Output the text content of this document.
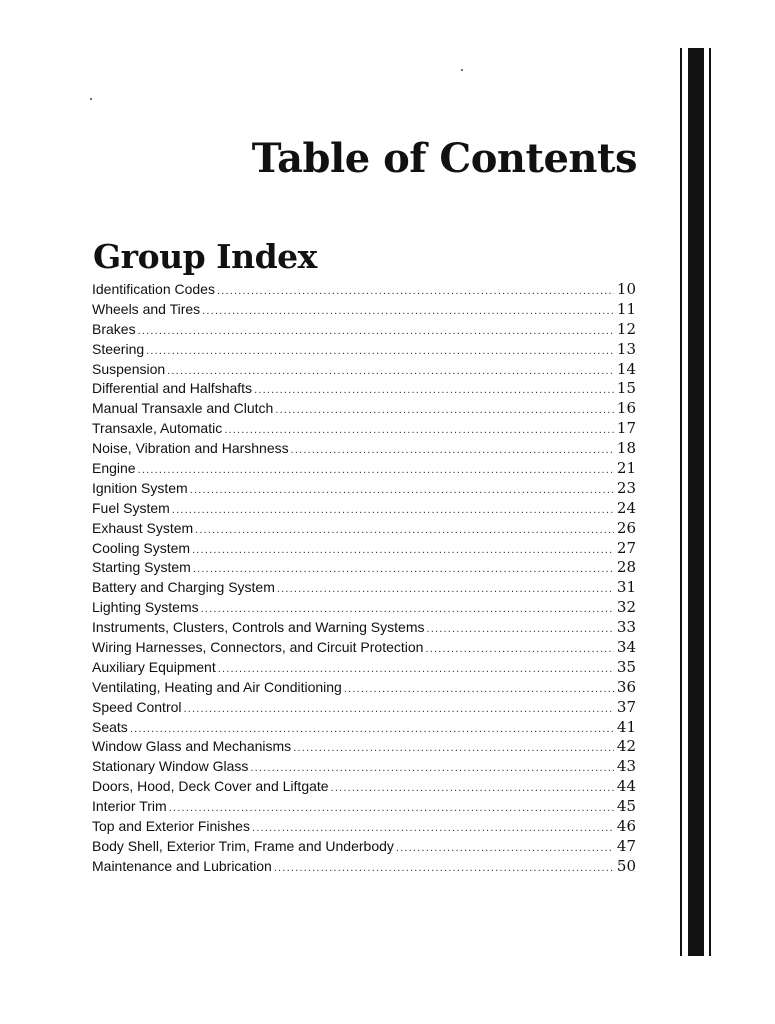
Table of Contents
Group Index
Identification Codes .....	10
Wheels and Tires .....	11
Brakes .....	12
Steering .....	13
Suspension .....	14
Differential and Halfshafts .....	15
Manual Transaxle and Clutch .....	16
Transaxle, Automatic .....	17
Noise, Vibration and Harshness .....	18
Engine .....	21
Ignition System .....	23
Fuel System .....	24
Exhaust System .....	26
Cooling System .....	27
Starting System .....	28
Battery and Charging System .....	31
Lighting Systems .....	32
Instruments, Clusters, Controls and Warning Systems .....	33
Wiring Harnesses, Connectors, and Circuit Protection .....	34
Auxiliary Equipment .....	35
Ventilating, Heating and Air Conditioning .....	36
Speed Control .....	37
Seats .....	41
Window Glass and Mechanisms .....	42
Stationary Window Glass .....	43
Doors, Hood, Deck Cover and Liftgate .....	44
Interior Trim .....	45
Top and Exterior Finishes .....	46
Body Shell, Exterior Trim, Frame and Underbody .....	47
Maintenance and Lubrication .....	50
